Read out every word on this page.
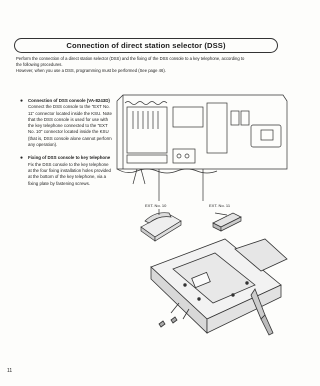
Connection of direct station selector (DSS)

Perform the connection of a direct station selector (DSS) and the fixing of the DSS console to a key telephone, according to

the following procedures.

However, when you use a DSS, programming must be performed (See page 46).

● Connection of DSS console (VA-8243D)
Connect the DSS console to the "EXT No. 11" connector located inside the KSU. Note that the DSS console is used for use with the key telephone connected to the "EXT No. 10" connector located inside the KSU (that is, DSS console alone cannot perform any operation).
● Fixing of DSS console to key telephone
Fix the DSS console to the key telephone at the four fixing installation holes provided at the bottom of the key telephone, via a fixing plate by fastening screws.
EXT. No. 10	EXT. No. 11
11
